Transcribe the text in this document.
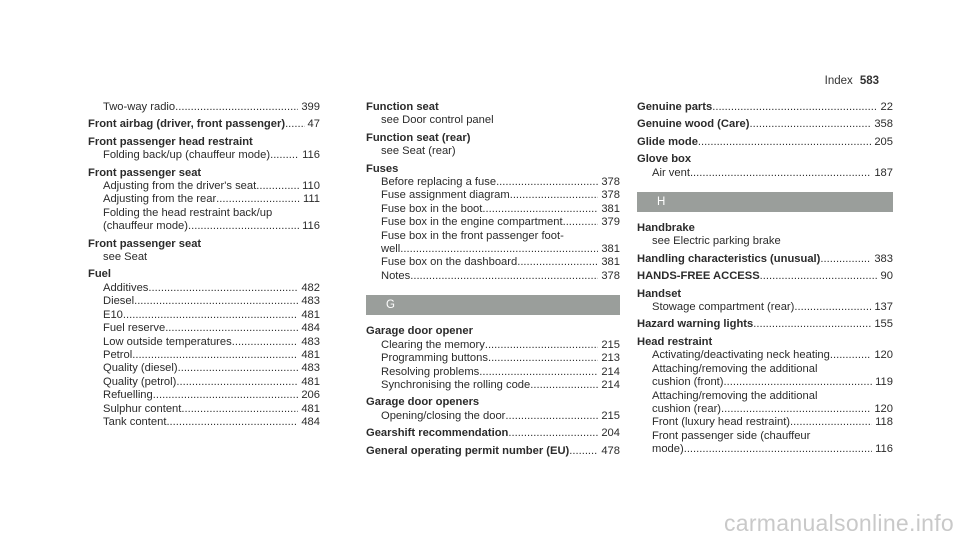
Index 583
Two-way radio .....	399
Front airbag (driver, front passenger) ..... 47
Front passenger head restraint
Folding back/up (chauffeur mode) .....	116
Front passenger seat
Adjusting from the driver's seat .....	110
Adjusting from the rear .....	111
Folding the head restraint back/up
(chauffeur mode) .....	116
Front passenger seat
see Seat
Fuel
Additives .....	482
Diesel .....	483
E10 .....	481
Fuel reserve .....	484
Low outside temperatures .....	483
Petrol .....	481
Quality (diesel) .....	483
Quality (petrol) .....	481
Refuelling .....	206
Sulphur content .....	481
Tank content .....	484
Function seat
see Door control panel
Function seat (rear)
see Seat (rear)
Fuses
Before replacing a fuse .....	378
Fuse assignment diagram .....	378
Fuse box in the boot .....	381
Fuse box in the engine compartment .....	379
Fuse box in the front passenger foot-
well .....	381
Fuse box on the dashboard .....	381
Notes .....	378
G
Garage door opener
Clearing the memory .....	215
Programming buttons .....	213
Resolving problems .....	214
Synchronising the rolling code .....	214
Garage door openers
Opening/closing the door .....	215
Gearshift recommendation .....	204
General operating permit number (EU) .....	478
Genuine parts .....	22
Genuine wood (Care) .....	358
Glide mode .....	205
Glove box
Air vent .....	187
H
Handbrake
see Electric parking brake
Handling characteristics (unusual) .....	383
HANDS-FREE ACCESS .....	90
Handset
Stowage compartment (rear) .....	137
Hazard warning lights .....	155
Head restraint
Activating/deactivating neck heating .....	120
Attaching/removing the additional
cushion (front) .....	119
Attaching/removing the additional
cushion (rear) .....	120
Front (luxury head restraint) .....	118
Front passenger side (chauffeur
mode) .....	116
carmanualsonline.info
